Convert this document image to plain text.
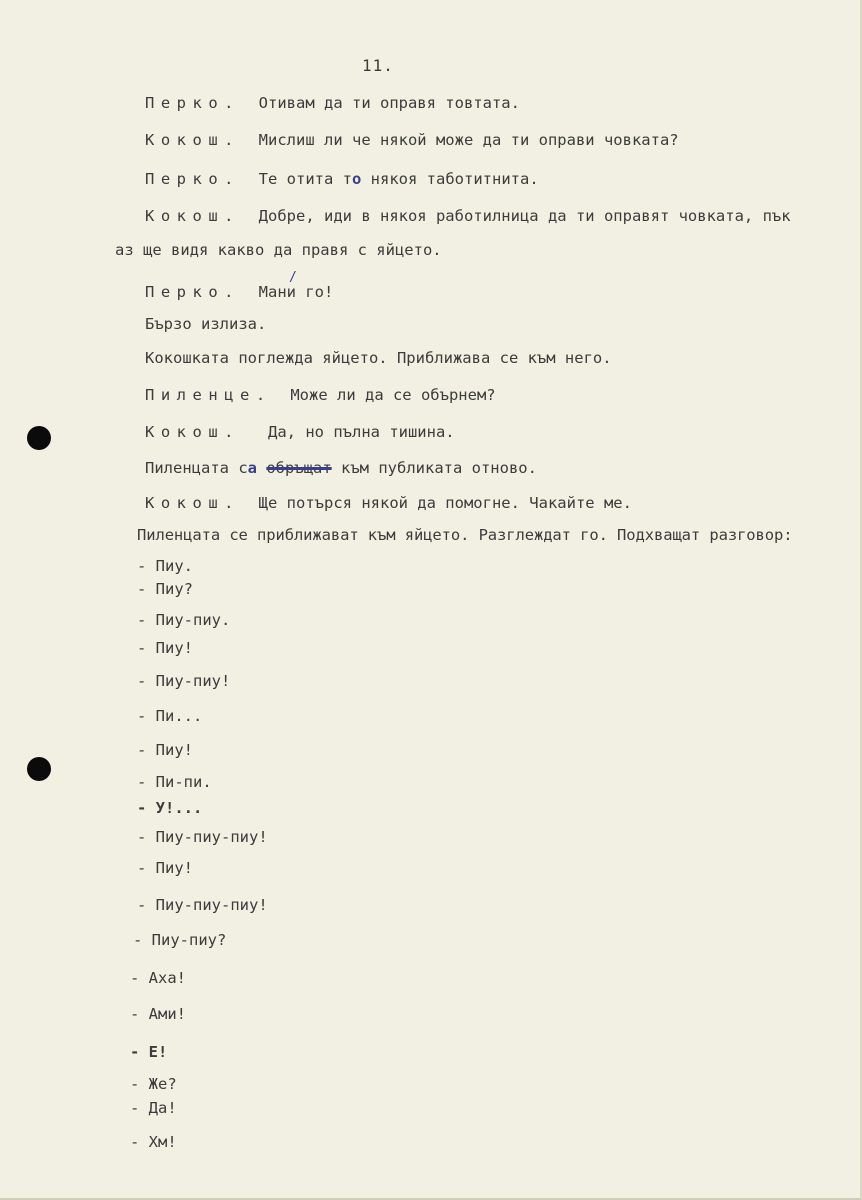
11.
Перко. Отивам да ти оправя товтата.
Кокош. Мислиш ли че някой може да ти оправи човката?
Перко. Те отита то някоя таботитнита.
Кокош. Добре, иди в някоя работилница да ти оправят човката, пък
аз ще видя какво да правя с яйцето.
/
Перко. Мани го!
Бързо излиза.
Кокошката поглежда яйцето. Приближава се към него.
Пиленце. Може ли да се обърнем?
Кокош. Да, но пълна тишина.
Пиленцата са обръщат към публиката отново.
Кокош. Ще потърся някой да помогне. Чакайте ме.
Пиленцата се приближават към яйцето. Разглеждат го. Подхващат разговор:
- Пиу.
- Пиу?
- Пиу-пиу.
- Пиу!
- Пиу-пиу!
- Пи...
- Пиу!
- Пи-пи.
- У!...
- Пиу-пиу-пиу!
- Пиу!
- Пиу-пиу-пиу!
- Пиу-пиу?
- Аха!
- Ами!
- Е!
- Же?
- Да!
- Хм!
